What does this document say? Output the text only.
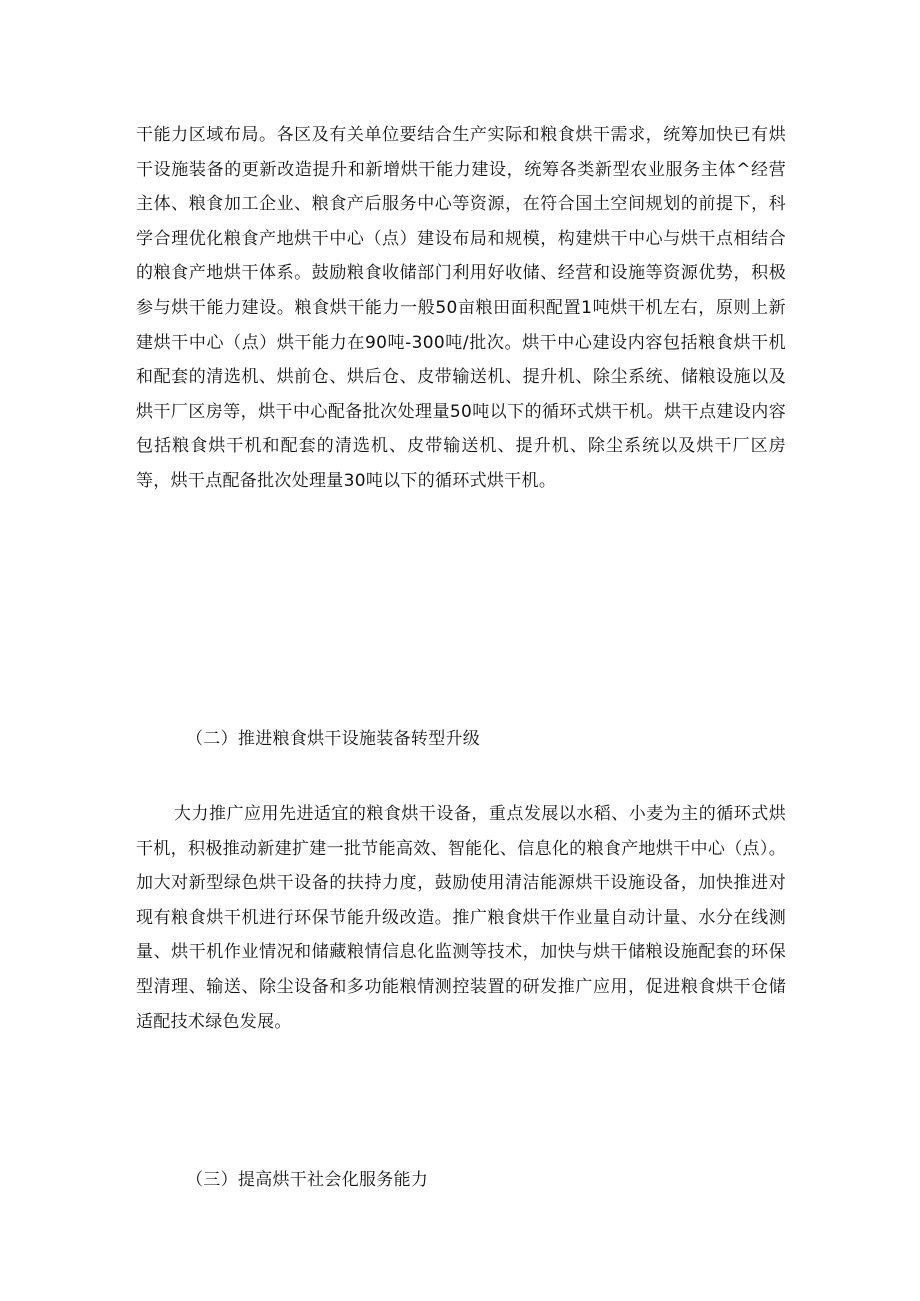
干能力区域布局。各区及有关单位要结合生产实际和粮食烘干需求，统筹加快已有烘干设施装备的更新改造提升和新增烘干能力建设，统筹各类新型农业服务主体^经营主体、粮食加工企业、粮食产后服务中心等资源，在符合国土空间规划的前提下，科学合理优化粮食产地烘干中心（点）建设布局和规模，构建烘干中心与烘干点相结合的粮食产地烘干体系。鼓励粮食收储部门利用好收储、经营和设施等资源优势，积极参与烘干能力建设。粮食烘干能力一般50亩粮田面积配置1吨烘干机左右，原则上新建烘干中心（点）烘干能力在90吨-300吨/批次。烘干中心建设内容包括粮食烘干机和配套的清选机、烘前仓、烘后仓、皮带输送机、提升机、除尘系统、储粮设施以及烘干厂区房等，烘干中心配备批次处理量50吨以下的循环式烘干机。烘干点建设内容包括粮食烘干机和配套的清选机、皮带输送机、提升机、除尘系统以及烘干厂区房等，烘干点配备批次处理量30吨以下的循环式烘干机。

（二）推进粮食烘干设施装备转型升级

大力推广应用先进适宜的粮食烘干设备，重点发展以水稻、小麦为主的循环式烘干机，积极推动新建扩建一批节能高效、智能化、信息化的粮食产地烘干中心（点）。加大对新型绿色烘干设备的扶持力度，鼓励使用清洁能源烘干设施设备，加快推进对现有粮食烘干机进行环保节能升级改造。推广粮食烘干作业量自动计量、水分在线测量、烘干机作业情况和储藏粮情信息化监测等技术，加快与烘干储粮设施配套的环保型清理、输送、除尘设备和多功能粮情测控装置的研发推广应用，促进粮食烘干仓储适配技术绿色发展。

（三）提高烘干社会化服务能力
